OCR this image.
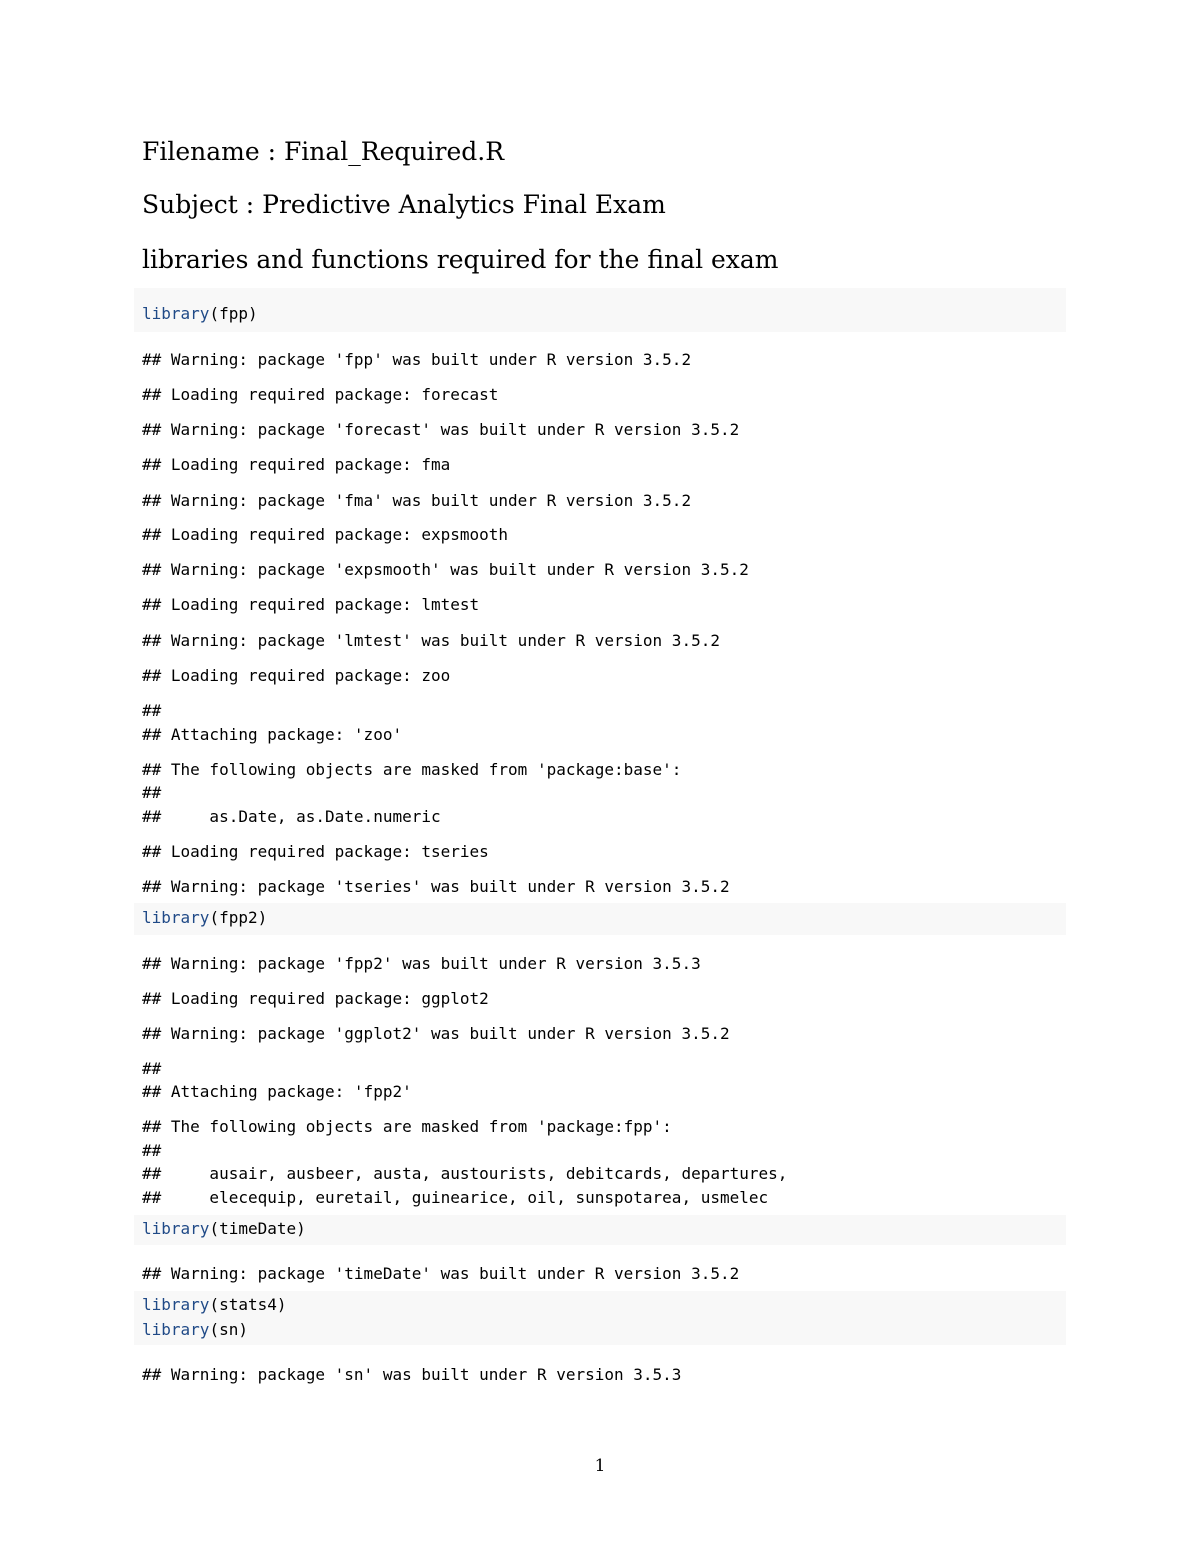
Filename : Final_Required.R
Subject : Predictive Analytics Final Exam
libraries and functions required for the final exam
library(fpp)
## Warning: package 'fpp' was built under R version 3.5.2
## Loading required package: forecast
## Warning: package 'forecast' was built under R version 3.5.2
## Loading required package: fma
## Warning: package 'fma' was built under R version 3.5.2
## Loading required package: expsmooth
## Warning: package 'expsmooth' was built under R version 3.5.2
## Loading required package: lmtest
## Warning: package 'lmtest' was built under R version 3.5.2
## Loading required package: zoo
##
## Attaching package: 'zoo'
## The following objects are masked from 'package:base':
##
##     as.Date, as.Date.numeric
## Loading required package: tseries
## Warning: package 'tseries' was built under R version 3.5.2
library(fpp2)
## Warning: package 'fpp2' was built under R version 3.5.3
## Loading required package: ggplot2
## Warning: package 'ggplot2' was built under R version 3.5.2
##
## Attaching package: 'fpp2'
## The following objects are masked from 'package:fpp':
##
##     ausair, ausbeer, austa, austourists, debitcards, departures,
##     elecequip, euretail, guinearice, oil, sunspotarea, usmelec
library(timeDate)
## Warning: package 'timeDate' was built under R version 3.5.2
library(stats4)
library(sn)
## Warning: package 'sn' was built under R version 3.5.3
1
